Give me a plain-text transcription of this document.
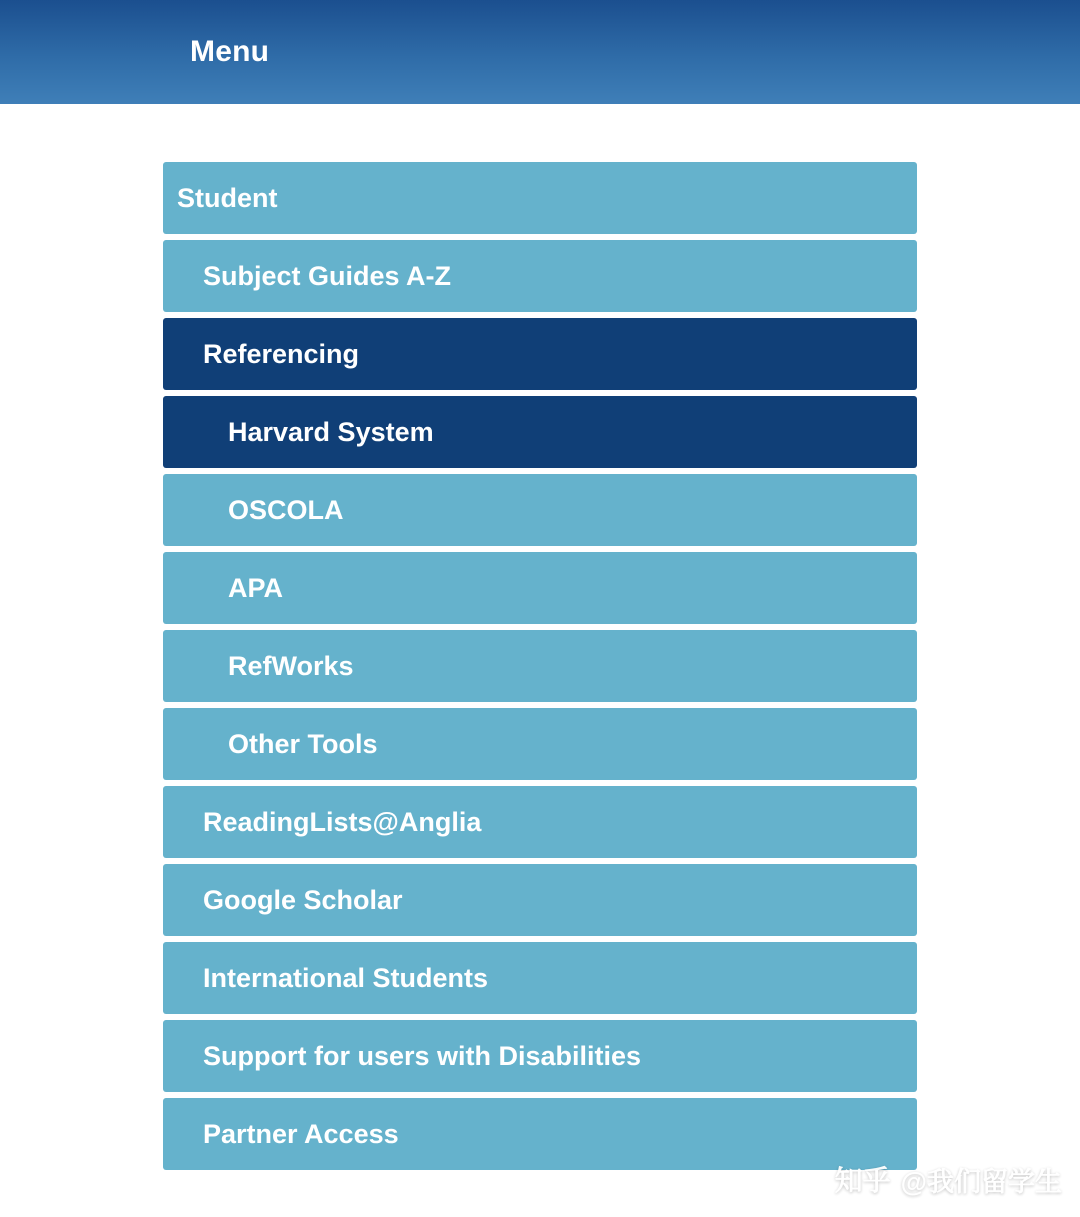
Menu
Student
Subject Guides A-Z
Referencing
Harvard System
OSCOLA
APA
RefWorks
Other Tools
ReadingLists@Anglia
Google Scholar
International Students
Support for users with Disabilities
Partner Access
知乎 @我们留学生
